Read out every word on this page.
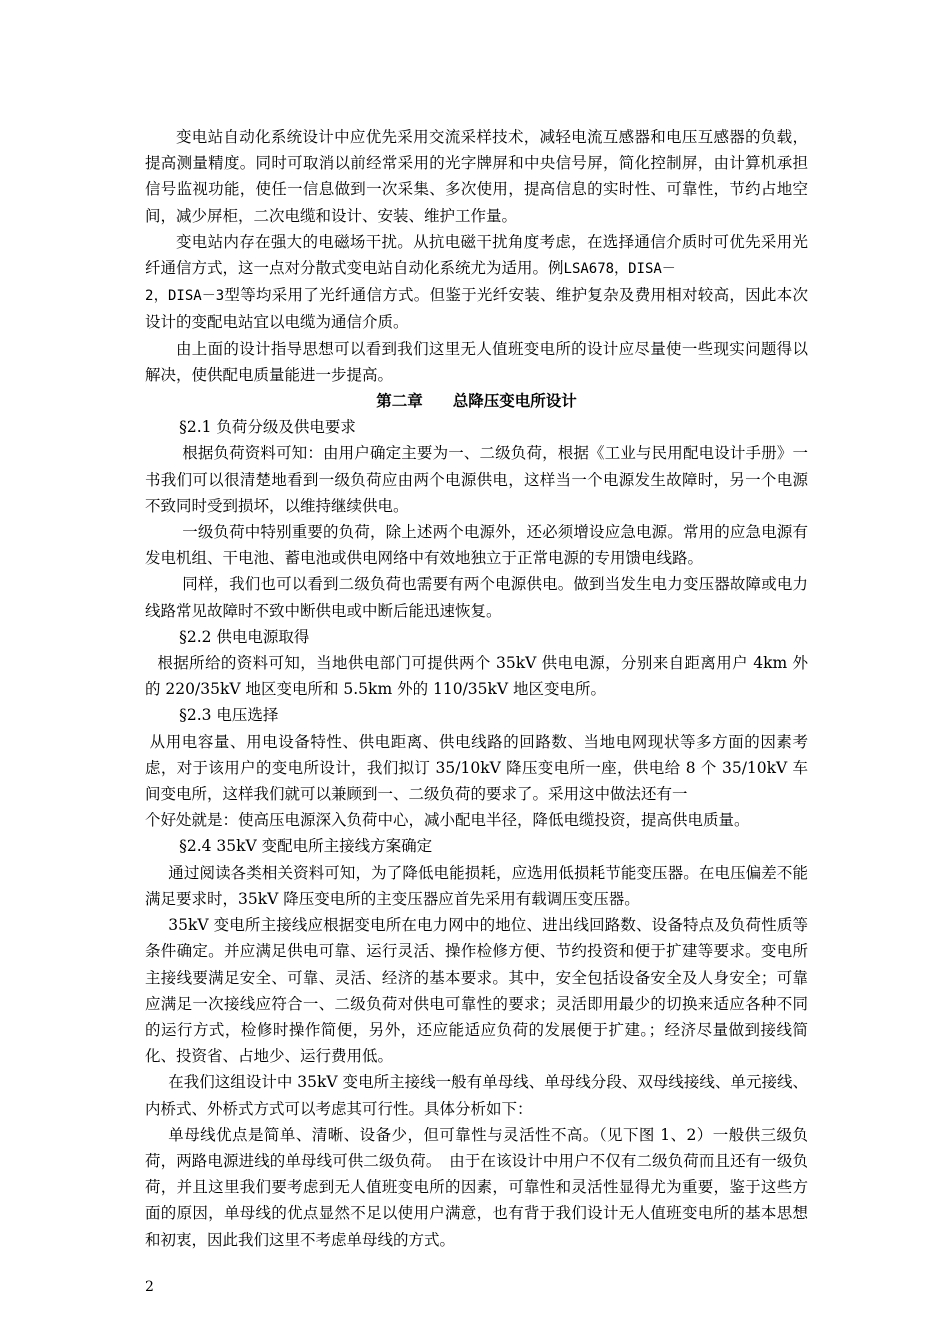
变电站自动化系统设计中应优先采用交流采样技术，减轻电流互感器和电压互感器的负载，提高测量精度。同时可取消以前经常采用的光字牌屏和中央信号屏，简化控制屏，由计算机承担信号监视功能，使任一信息做到一次采集、多次使用，提高信息的实时性、可靠性，节约占地空间，减少屏柜，二次电缆和设计、安装、维护工作量。

变电站内存在强大的电磁场干扰。从抗电磁干扰角度考虑，在选择通信介质时可优先采用光纤通信方式，这一点对分散式变电站自动化系统尤为适用。例LSA678，DISA－
2，DISA－3型等均采用了光纤通信方式。但鉴于光纤安装、维护复杂及费用相对较高，因此本次设计的变配电站宜以电缆为通信介质。

由上面的设计指导思想可以看到我们这里无人值班变电所的设计应尽量使一些现实问题得以解决，使供配电质量能进一步提高。

第二章 总降压变电所设计

§2.1 负荷分级及供电要求

根据负荷资料可知：由用户确定主要为一、二级负荷，根据《工业与民用配电设计手册》一书我们可以很清楚地看到一级负荷应由两个电源供电，这样当一个电源发生故障时，另一个电源不致同时受到损坏，以维持继续供电。

一级负荷中特别重要的负荷，除上述两个电源外，还必须增设应急电源。常用的应急电源有发电机组、干电池、蓄电池或供电网络中有效地独立于正常电源的专用馈电线路。

同样，我们也可以看到二级负荷也需要有两个电源供电。做到当发生电力变压器故障或电力线路常见故障时不致中断供电或中断后能迅速恢复。

§2.2 供电电源取得

根据所给的资料可知，当地供电部门可提供两个 35kV 供电电源，分别来自距离用户 4km 外的 220/35kV 地区变电所和 5.5km 外的 110/35kV 地区变电所。

§2.3 电压选择

从用电容量、用电设备特性、供电距离、供电线路的回路数、当地电网现状等多方面的因素考虑，对于该用户的变电所设计，我们拟订 35/10kV 降压变电所一座，供电给 8 个 35/10kV 车间变电所，这样我们就可以兼顾到一、二级负荷的要求了。采用这中做法还有一

个好处就是：使高压电源深入负荷中心，减小配电半径，降低电缆投资，提高供电质量。

§2.4 35kV 变配电所主接线方案确定

通过阅读各类相关资料可知，为了降低电能损耗，应选用低损耗节能变压器。在电压偏差不能满足要求时，35kV 降压变电所的主变压器应首先采用有载调压变压器。

35kV 变电所主接线应根据变电所在电力网中的地位、进出线回路数、设备特点及负荷性质等条件确定。并应满足供电可靠、运行灵活、操作检修方便、节约投资和便于扩建等要求。变电所主接线要满足安全、可靠、灵活、经济的基本要求。其中，安全包括设备安全及人身安全；可靠应满足一次接线应符合一、二级负荷对供电可靠性的要求；灵活即用最少的切换来适应各种不同的运行方式，检修时操作简便，另外，还应能适应负荷的发展便于扩建。；经济尽量做到接线简化、投资省、占地少、运行费用低。

在我们这组设计中 35kV 变电所主接线一般有单母线、单母线分段、双母线接线、单元接线、内桥式、外桥式方式可以考虑其可行性。具体分析如下：

单母线优点是简单、清晰、设备少，但可靠性与灵活性不高。（见下图 1、2）一般供三级负荷，两路电源进线的单母线可供二级负荷。　由于在该设计中用户不仅有二级负荷而且还有一级负荷，并且这里我们要考虑到无人值班变电所的因素，可靠性和灵活性显得尤为重要，鉴于这些方面的原因，单母线的优点显然不足以使用户满意，也有背于我们设计无人值班变电所的基本思想和初衷，因此我们这里不考虑单母线的方式。

2
